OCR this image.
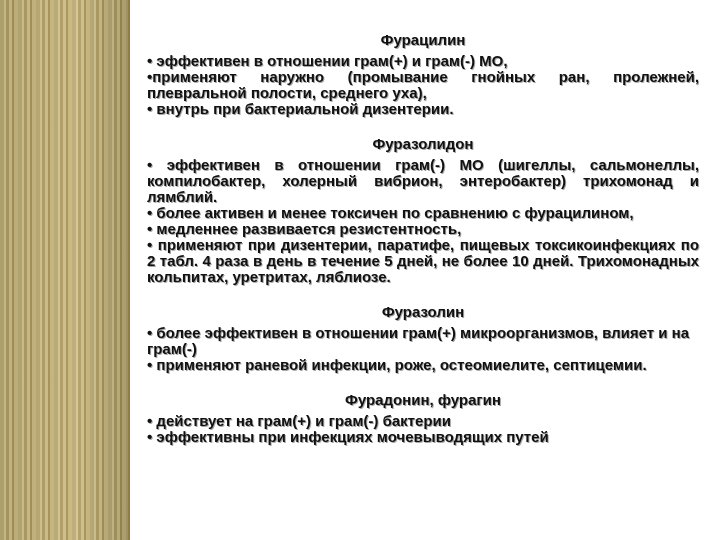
Фурацилин

• эффективен в отношении грам(+) и грам(-) МО,

•применяют наружно (промывание гнойных ран, пролежней, плевральной полости, среднего уха),

• внутрь при бактериальной дизентерии.

Фуразолидон

• эффективен в отношении грам(-) МО (шигеллы, сальмонеллы, компилобактер, холерный вибрион, энтеробактер) трихомонад и лямблий.

• более активен и менее токсичен по сравнению с фурацилином,

• медленнее развивается резистентность,

• применяют при дизентерии, паратифе, пищевых токсикоинфекциях по 2 табл. 4 раза в день в течение 5 дней, не более 10 дней. Трихомонадных кольпитах, уретритах, ляблиозе.

Фуразолин

• более эффективен в отношении грам(+) микроорганизмов, влияет и на грам(-)

• применяют раневой инфекции, роже, остеомиелите, септицемии.

Фурадонин, фурагин

• действует на грам(+) и грам(-) бактерии

• эффективны при инфекциях мочевыводящих путей
